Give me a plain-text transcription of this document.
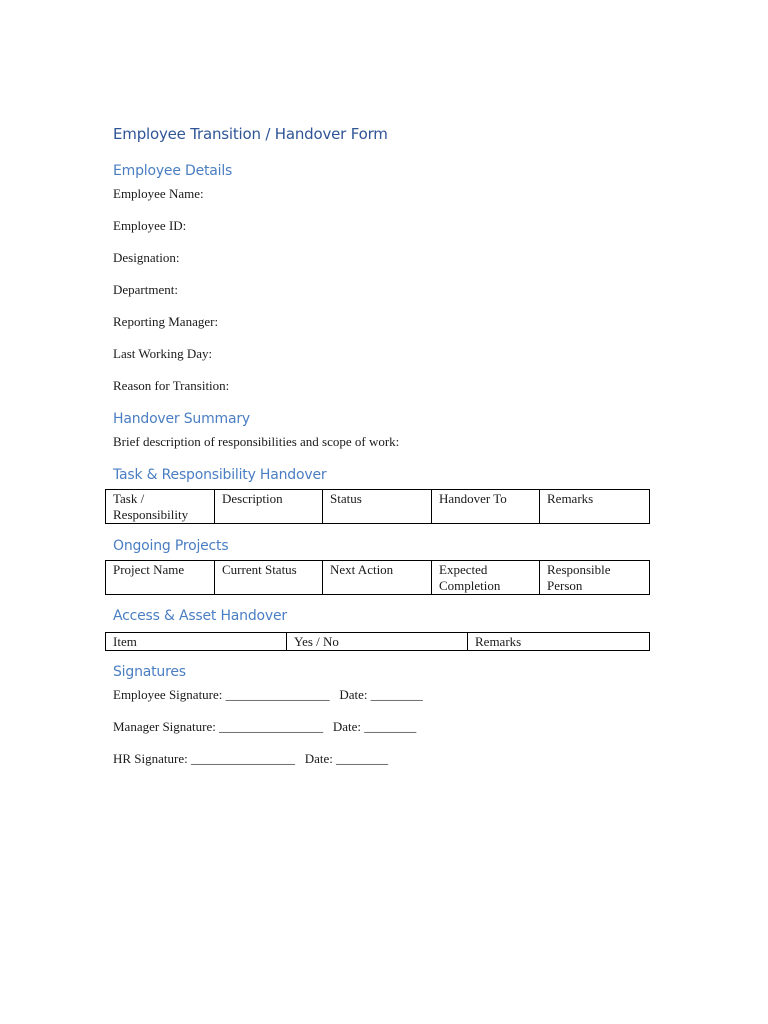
Employee Transition / Handover Form
Employee Details
Employee Name:
Employee ID:
Designation:
Department:
Reporting Manager:
Last Working Day:
Reason for Transition:
Handover Summary
Brief description of responsibilities and scope of work:
Task & Responsibility Handover
Task / Responsibility	Description	Status	Handover To	Remarks
Ongoing Projects
Project Name	Current Status	Next Action	Expected Completion	Responsible Person
Access & Asset Handover
Item	Yes / No	Remarks
Signatures
Employee Signature: ________________ Date: ________
Manager Signature: ________________ Date: ________
HR Signature: ________________ Date: ________
